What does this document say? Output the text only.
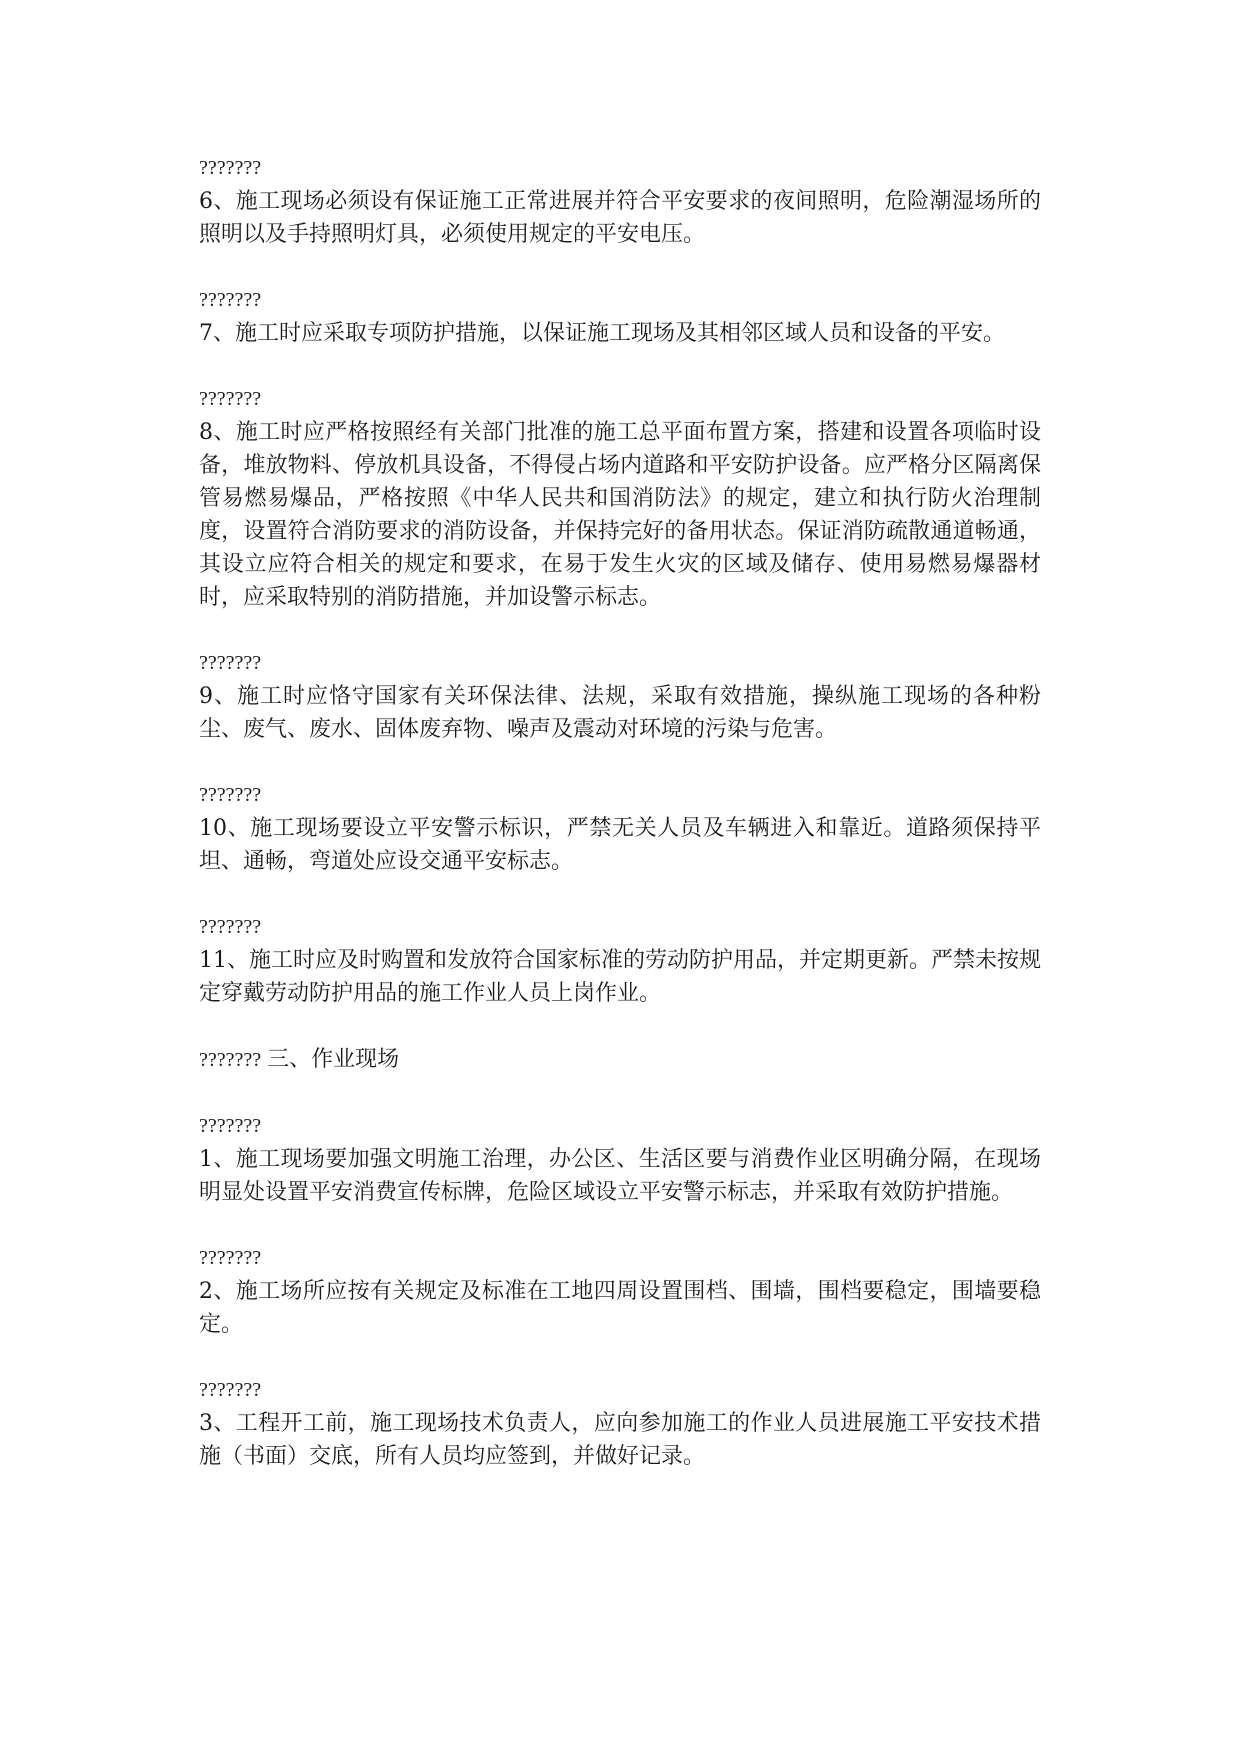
???????

6、施工现场必须设有保证施工正常进展并符合平安要求的夜间照明，危险潮湿场所的照明以及手持照明灯具，必须使用规定的平安电压。

???????

7、施工时应采取专项防护措施，以保证施工现场及其相邻区域人员和设备的平安。

???????

8、施工时应严格按照经有关部门批准的施工总平面布置方案，搭建和设置各项临时设备，堆放物料、停放机具设备，不得侵占场内道路和平安防护设备。应严格分区隔离保管易燃易爆品，严格按照《中华人民共和国消防法》的规定，建立和执行防火治理制度，设置符合消防要求的消防设备，并保持完好的备用状态。保证消防疏散通道畅通，其设立应符合相关的规定和要求，在易于发生火灾的区域及储存、使用易燃易爆器材时，应采取特别的消防措施，并加设警示标志。

???????

9、施工时应恪守国家有关环保法律、法规，采取有效措施，操纵施工现场的各种粉尘、废气、废水、固体废弃物、噪声及震动对环境的污染与危害。

???????

10、施工现场要设立平安警示标识，严禁无关人员及车辆进入和靠近。道路须保持平坦、通畅，弯道处应设交通平安标志。

???????

11、施工时应及时购置和发放符合国家标准的劳动防护用品，并定期更新。严禁未按规定穿戴劳动防护用品的施工作业人员上岗作业。

??????? 三、作业现场
???????

1、施工现场要加强文明施工治理，办公区、生活区要与消费作业区明确分隔，在现场明显处设置平安消费宣传标牌，危险区域设立平安警示标志，并采取有效防护措施。

???????

2、施工场所应按有关规定及标准在工地四周设置围档、围墙，围档要稳定，围墙要稳定。

???????

3、工程开工前，施工现场技术负责人，应向参加施工的作业人员进展施工平安技术措施（书面）交底，所有人员均应签到，并做好记录。
